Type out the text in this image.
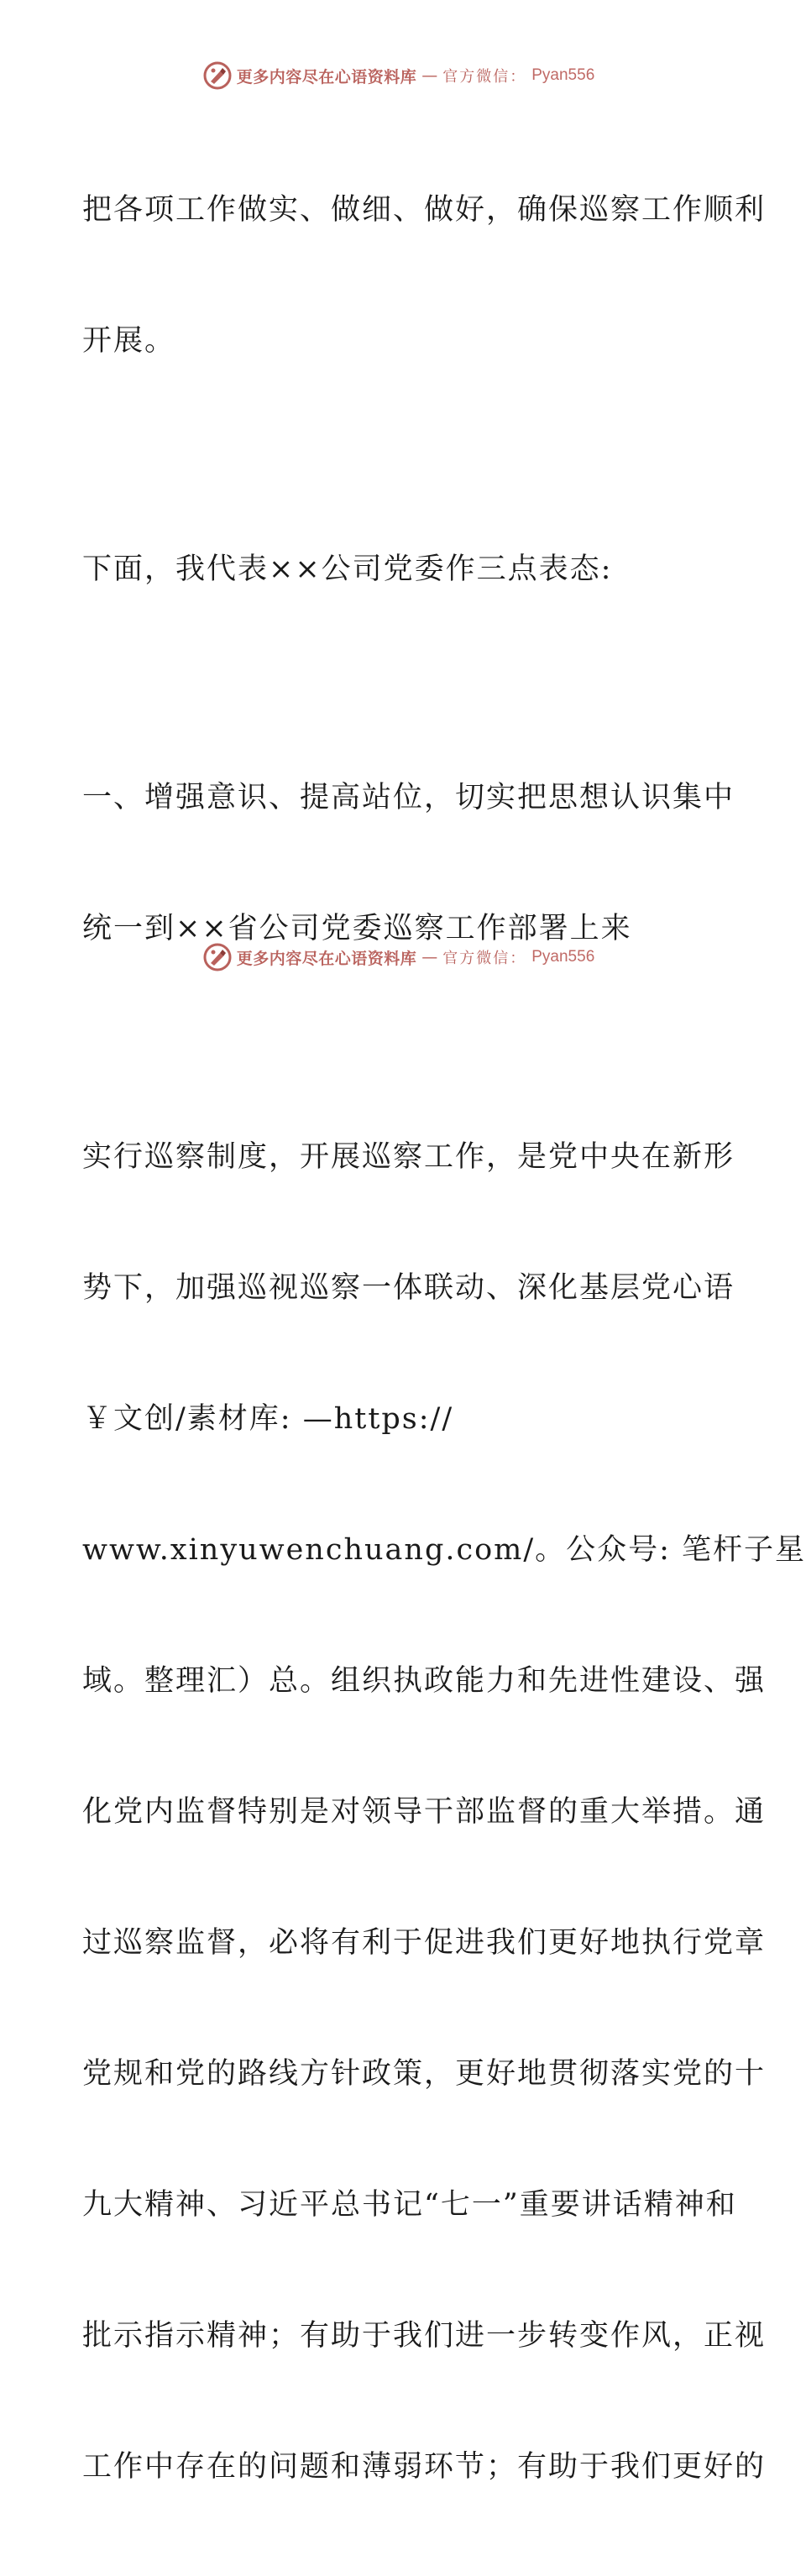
更多内容尽在心语资料库 — 官方微信： Pyan556

把各项工作做实、做细、做好，确保巡察工作顺利

开展。

下面，我代表××公司党委作三点表态:

一、增强意识、提高站位，切实把思想认识集中

统一到××省公司党委巡察工作部署上来

实行巡察制度，开展巡察工作，是党中央在新形

势下，加强巡视巡察一体联动、深化基层党心语

￥文创/素材库: —https://

www.xinyuwenchuang.com/。公众号: 笔杆子星

域。整理汇）总。组织执政能力和先进性建设、强

化党内监督特别是对领导干部监督的重大举措。通

过巡察监督，必将有利于促进我们更好地执行党章

党规和党的路线方针政策，更好地贯彻落实党的十

九大精神、习近平总书记“七一”重要讲话精神和

批示指示精神；有助于我们进一步转变作风，正视

工作中存在的问题和薄弱环节；有助于我们更好的

更多内容尽在心语资料库 — 官方微信： Pyan556
